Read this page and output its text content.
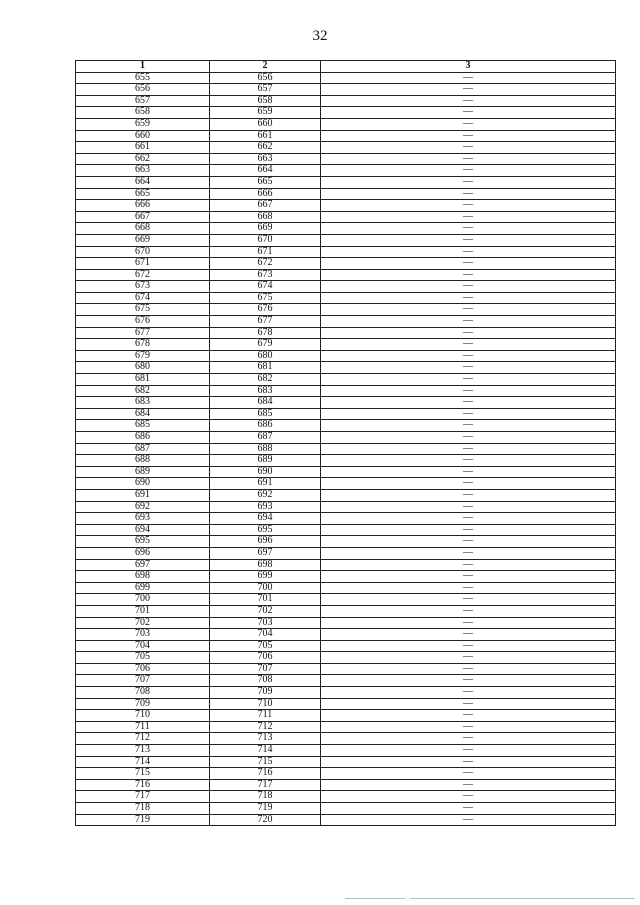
32
1	2	3
655	656	—
656	657	—
657	658	—
658	659	—
659	660	—
660	661	—
661	662	—
662	663	—
663	664	—
664	665	—
665	666	—
666	667	—
667	668	—
668	669	—
669	670	—
670	671	—
671	672	—
672	673	—
673	674	—
674	675	—
675	676	—
676	677	—
677	678	—
678	679	—
679	680	—
680	681	—
681	682	—
682	683	—
683	684	—
684	685	—
685	686	—
686	687	—
687	688	—
688	689	—
689	690	—
690	691	—
691	692	—
692	693	—
693	694	—
694	695	—
695	696	—
696	697	—
697	698	—
698	699	—
699	700	—
700	701	—
701	702	—
702	703	—
703	704	—
704	705	—
705	706	—
706	707	—
707	708	—
708	709	—
709	710	—
710	711	—
711	712	—
712	713	—
713	714	—
714	715	—
715	716	—
716	717	—
717	718	—
718	719	—
719	720	—
